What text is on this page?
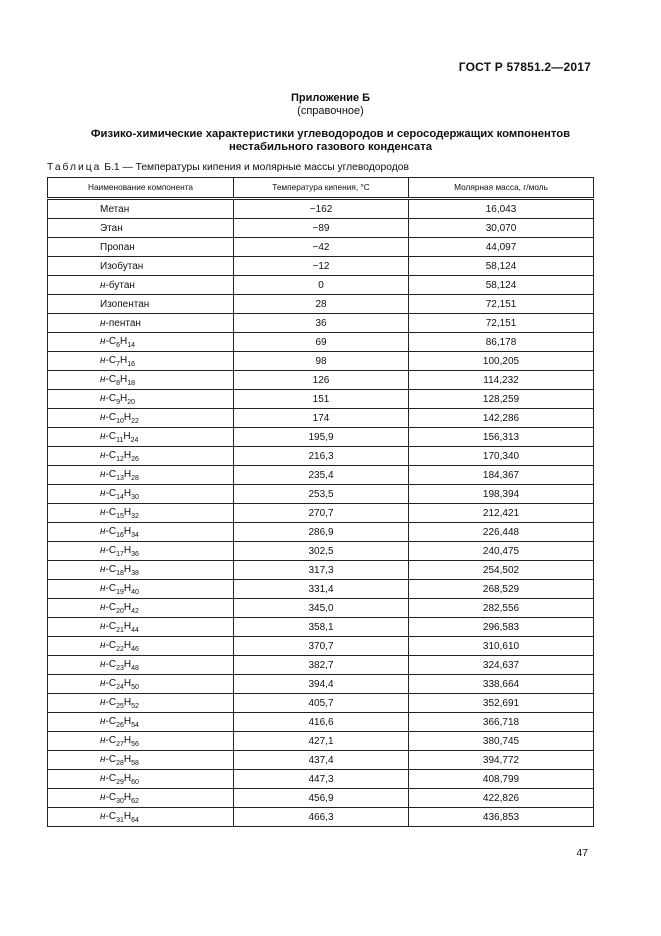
ГОСТ Р 57851.2—2017
Приложение Б
(справочное)
Физико-химические характеристики углеводородов и серосодержащих компонентов нестабильного газового конденсата
Таблица Б.1 — Температуры кипения и молярные массы углеводородов
Наименование компонента	Температура кипения, °С	Молярная масса, г/моль
Метан	−162	16,043
Этан	−89	30,070
Пропан	−42	44,097
Изобутан	−12	58,124
н-бутан	0	58,124
Изопентан	28	72,151
н-пентан	36	72,151
$н-C_6H_{14}$	69	86,178
$н-C_7H_{16}$	98	100,205
$н-C_8H_{18}$	126	114,232
$н-C_9H_{20}$	151	128,259
$н-C_{10}H_{22}$	174	142,286
$н-C_{11}H_{24}$	195,9	156,313
$н-C_{12}H_{26}$	216,3	170,340
$н-C_{13}H_{28}$	235,4	184,367
$н-C_{14}H_{30}$	253,5	198,394
$н-C_{15}H_{32}$	270,7	212,421
$н-C_{16}H_{34}$	286,9	226,448
$н-C_{17}H_{36}$	302,5	240,475
$н-C_{18}H_{38}$	317,3	254,502
$н-C_{19}H_{40}$	331,4	268,529
$н-C_{20}H_{42}$	345,0	282,556
$н-C_{21}H_{44}$	358,1	296,583
$н-C_{22}H_{46}$	370,7	310,610
$н-C_{23}H_{48}$	382,7	324,637
$н-C_{24}H_{50}$	394,4	338,664
$н-C_{25}H_{52}$	405,7	352,691
$н-C_{26}H_{54}$	416,6	366,718
$н-C_{27}H_{56}$	427,1	380,745
$н-C_{28}H_{58}$	437,4	394,772
$н-C_{29}H_{60}$	447,3	408,799
$н-C_{30}H_{62}$	456,9	422,826
$н-C_{31}H_{64}$	466,3	436,853
47
